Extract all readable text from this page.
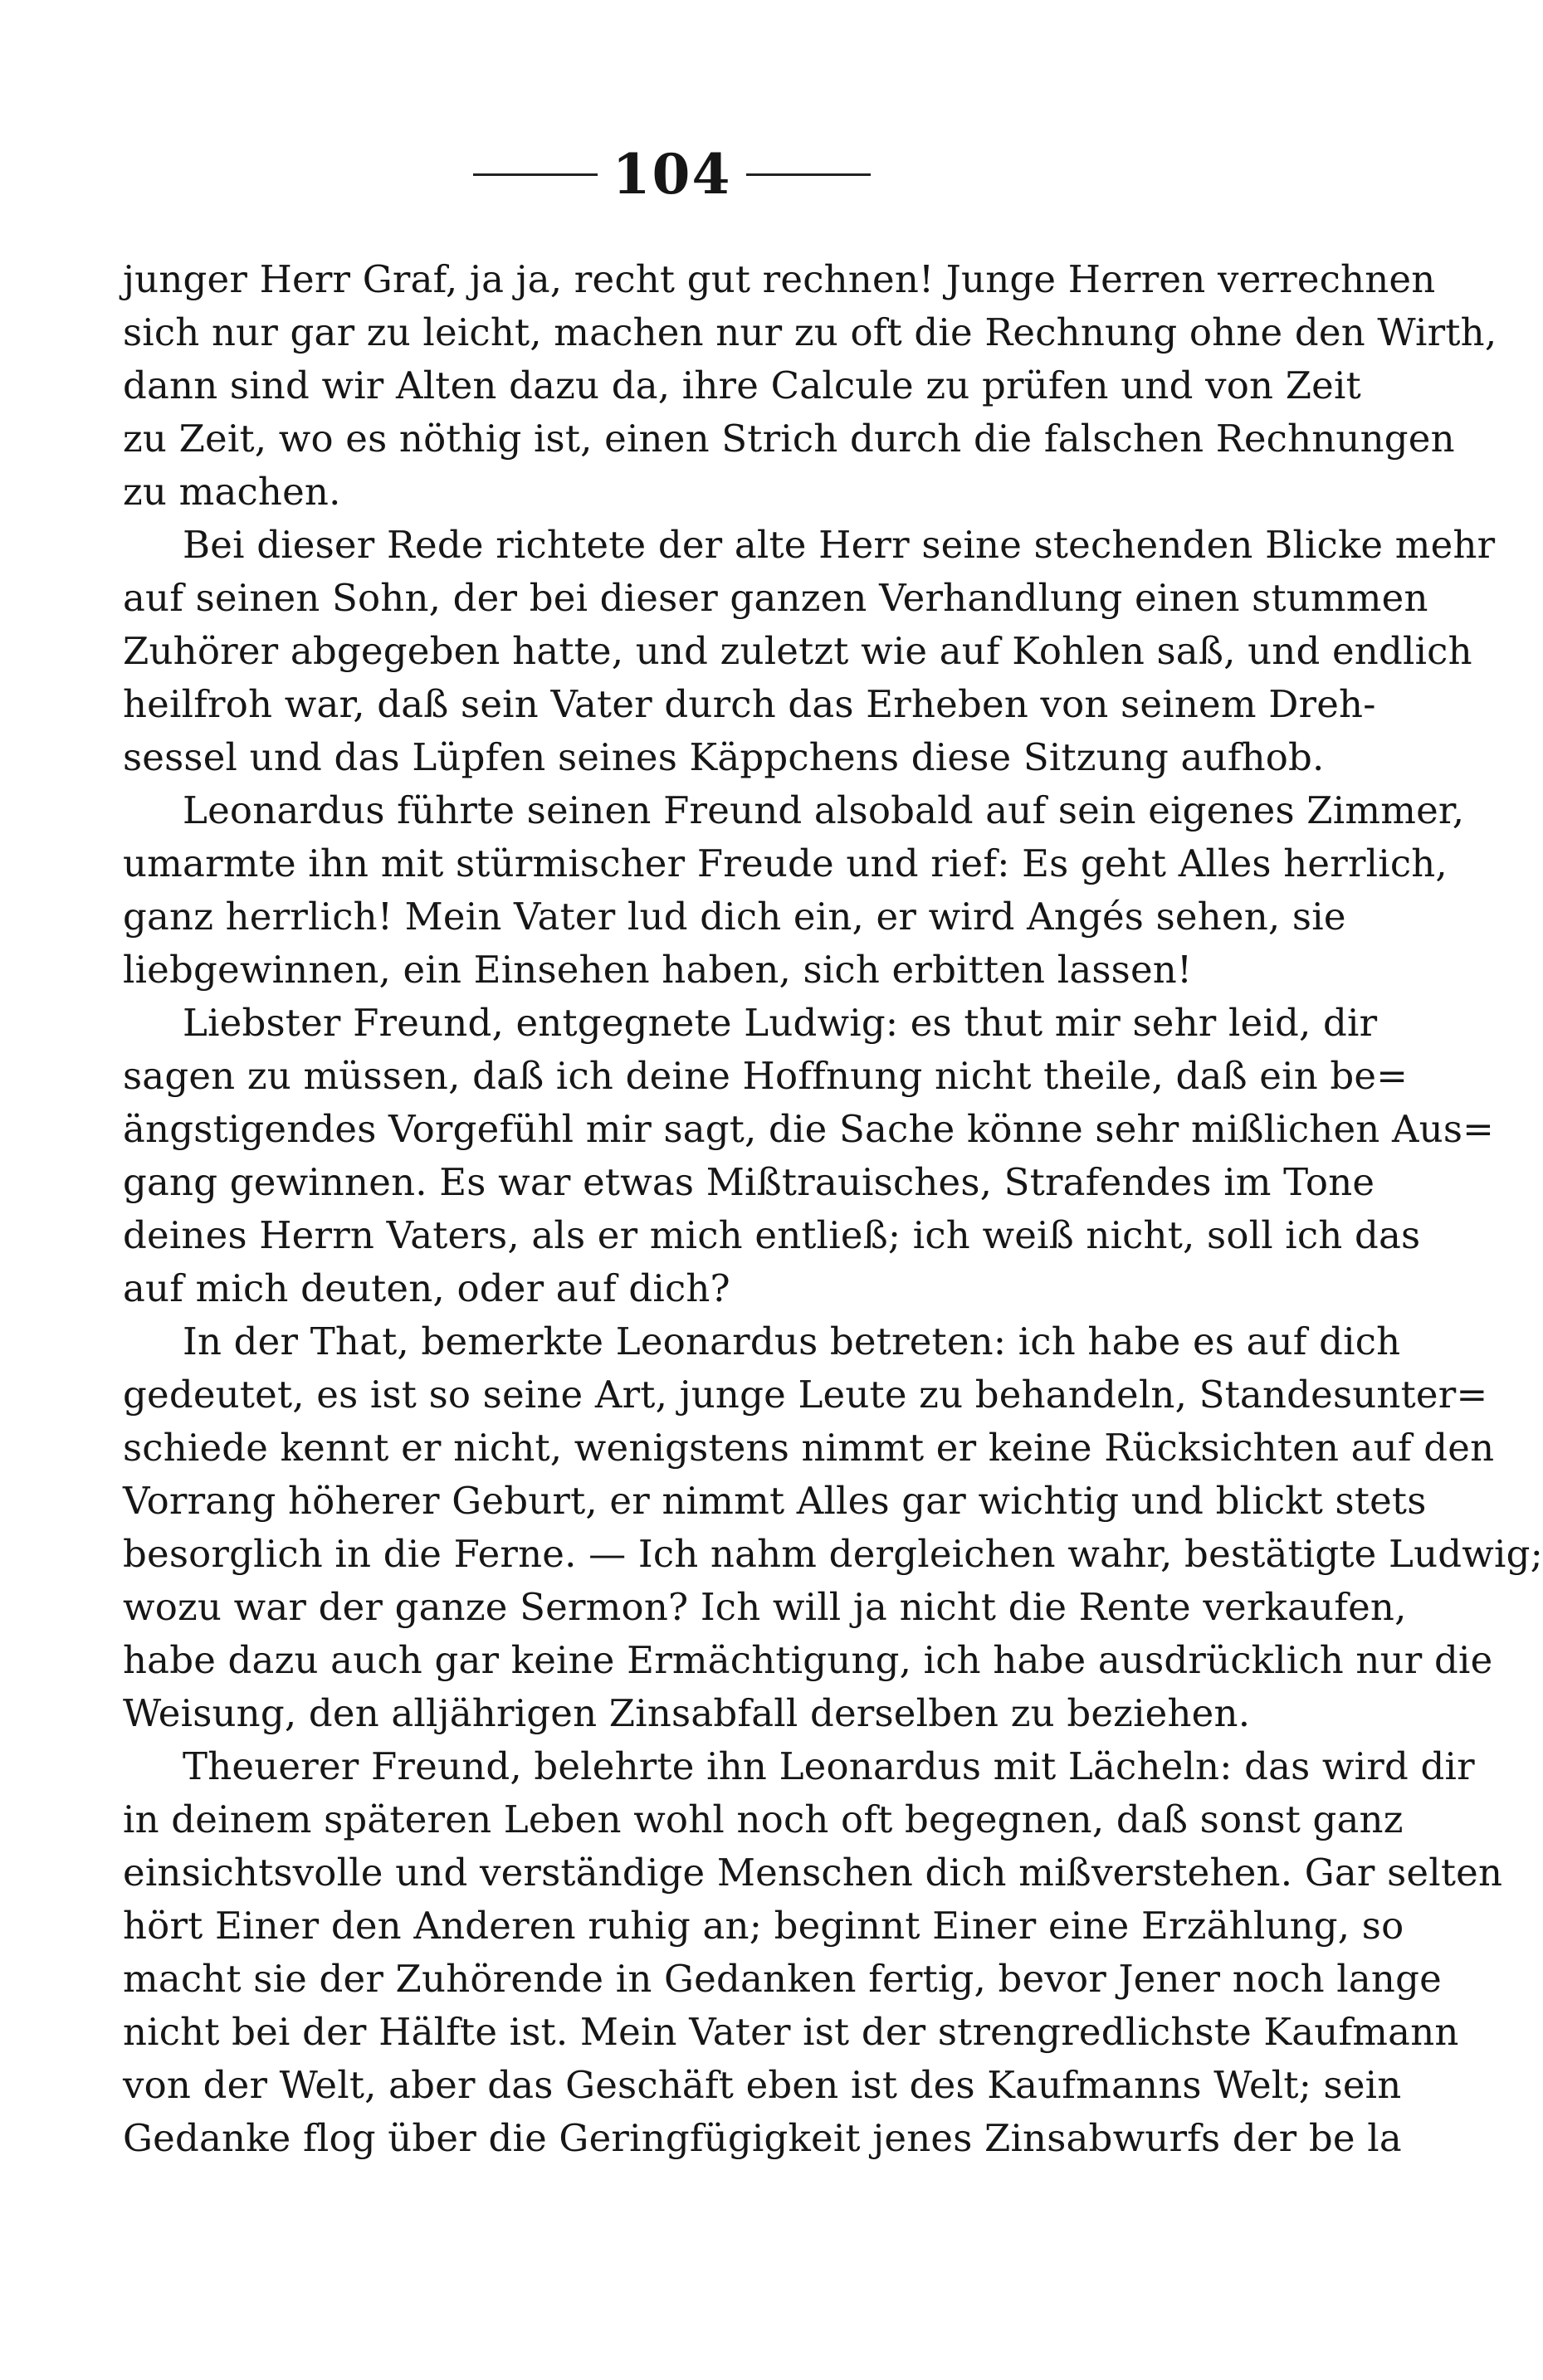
104
junger Herr Graf, ja ja, recht gut rechnen! Junge Herren verrechnen
sich nur gar zu leicht, machen nur zu oft die Rechnung ohne den Wirth,
dann sind wir Alten dazu da, ihre Calcule zu prüfen und von Zeit
zu Zeit, wo es nöthig ist, einen Strich durch die falschen Rechnungen
zu machen.
Bei dieser Rede richtete der alte Herr seine stechenden Blicke mehr
auf seinen Sohn, der bei dieser ganzen Verhandlung einen stummen
Zuhörer abgegeben hatte, und zuletzt wie auf Kohlen saß, und endlich
heilfroh war, daß sein Vater durch das Erheben von seinem Dreh-
sessel und das Lüpfen seines Käppchens diese Sitzung aufhob.
Leonardus führte seinen Freund alsobald auf sein eigenes Zimmer,
umarmte ihn mit stürmischer Freude und rief: Es geht Alles herrlich,
ganz herrlich! Mein Vater lud dich ein, er wird Angés sehen, sie
liebgewinnen, ein Einsehen haben, sich erbitten lassen!
Liebster Freund, entgegnete Ludwig: es thut mir sehr leid, dir
sagen zu müssen, daß ich deine Hoffnung nicht theile, daß ein be=
ängstigendes Vorgefühl mir sagt, die Sache könne sehr mißlichen Aus=
gang gewinnen. Es war etwas Mißtrauisches, Strafendes im Tone
deines Herrn Vaters, als er mich entließ; ich weiß nicht, soll ich das
auf mich deuten, oder auf dich?
In der That, bemerkte Leonardus betreten: ich habe es auf dich
gedeutet, es ist so seine Art, junge Leute zu behandeln, Standesunter=
schiede kennt er nicht, wenigstens nimmt er keine Rücksichten auf den
Vorrang höherer Geburt, er nimmt Alles gar wichtig und blickt stets
besorglich in die Ferne. — Ich nahm dergleichen wahr, bestätigte Ludwig;
wozu war der ganze Sermon? Ich will ja nicht die Rente verkaufen,
habe dazu auch gar keine Ermächtigung, ich habe ausdrücklich nur die
Weisung, den alljährigen Zinsabfall derselben zu beziehen.
Theuerer Freund, belehrte ihn Leonardus mit Lächeln: das wird dir
in deinem späteren Leben wohl noch oft begegnen, daß sonst ganz
einsichtsvolle und verständige Menschen dich mißverstehen. Gar selten
hört Einer den Anderen ruhig an; beginnt Einer eine Erzählung, so
macht sie der Zuhörende in Gedanken fertig, bevor Jener noch lange
nicht bei der Hälfte ist. Mein Vater ist der strengredlichste Kaufmann
von der Welt, aber das Geschäft eben ist des Kaufmanns Welt; sein
Gedanke flog über die Geringfügigkeit jenes Zinsabwurfs der be la
